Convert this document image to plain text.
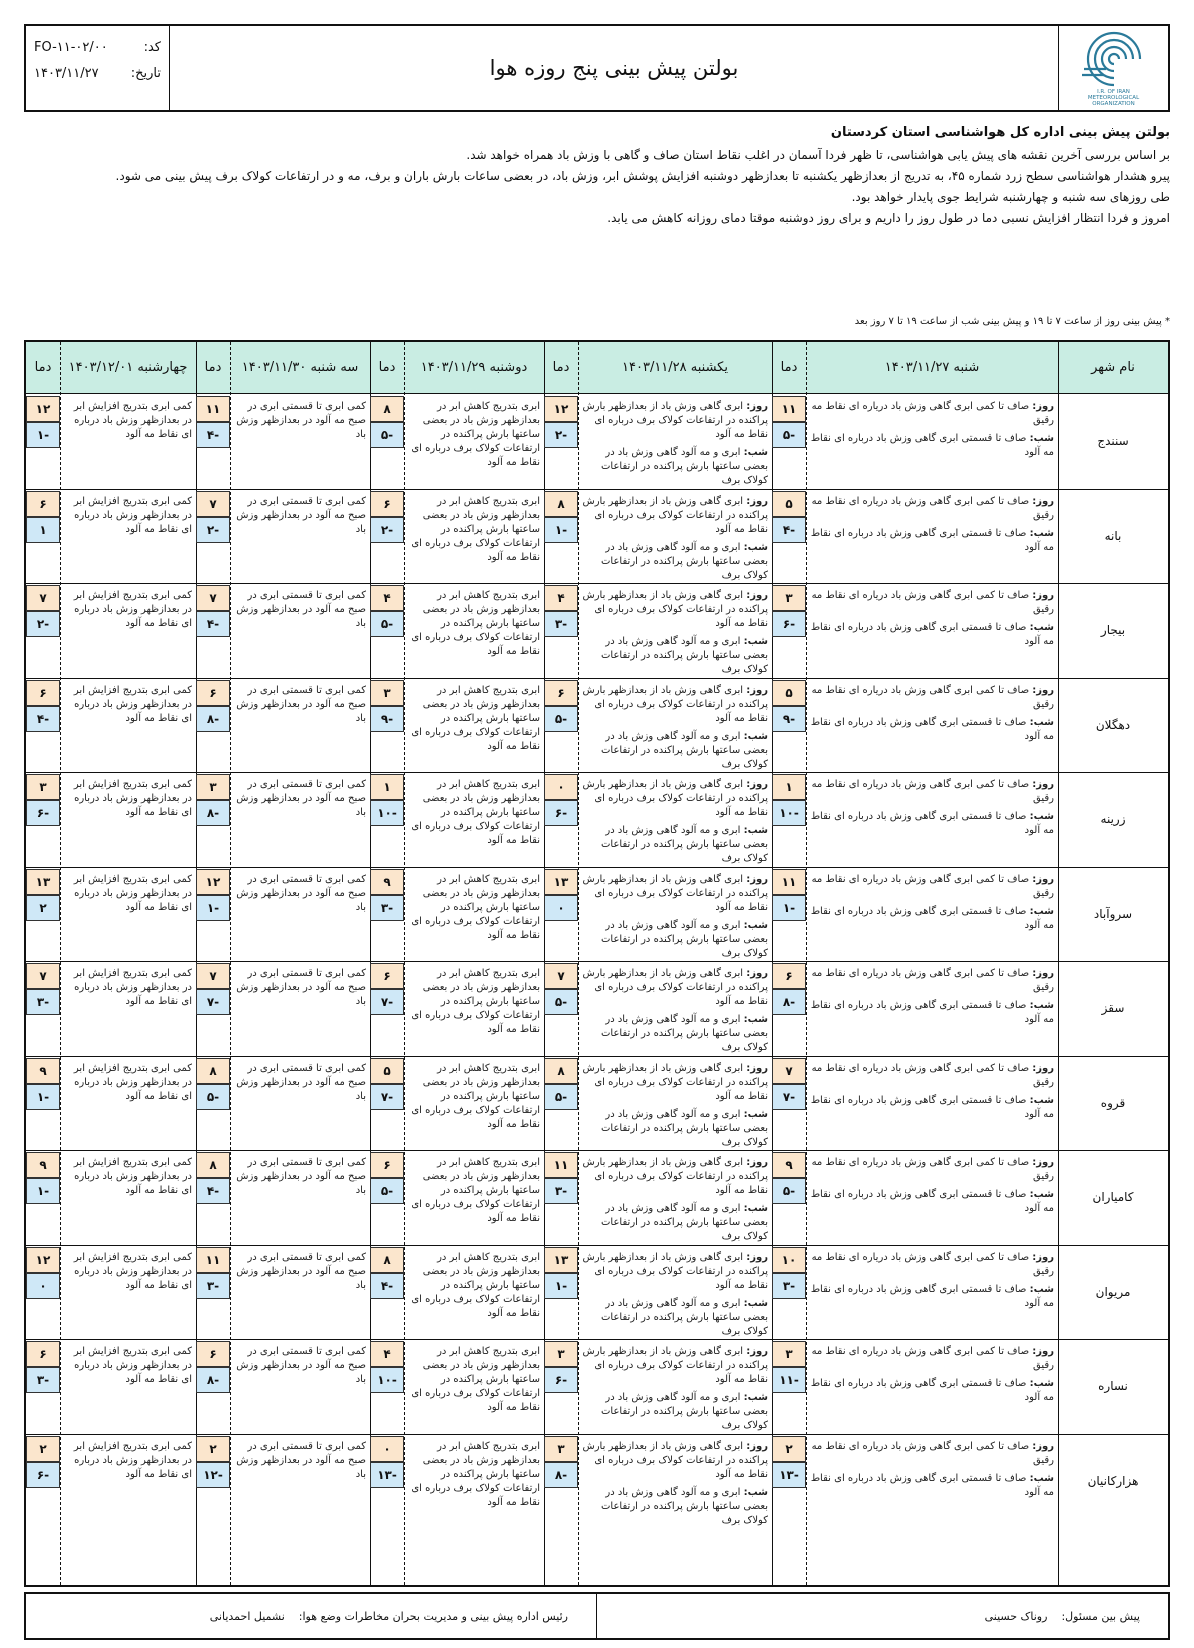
کد:
FO-۱۱-۰۲/۰۰
تاریخ:
۱۴۰۳/۱۱/۲۷	بولتن پیش بینی پنج روزه هوا
I.R. OF IRAN
METEOROLOGICAL
ORGANIZATION
بولتن پیش بینی اداره کل هواشناسی استان کردستان
بر اساس بررسی آخرین نقشه های پیش یابی هواشناسی، تا ظهر فردا آسمان در اغلب نقاط استان صاف و گاهی با وزش باد همراه خواهد شد.
پیرو هشدار هواشناسی سطح زرد شماره ۴۵، به تدریج از بعدازظهر یکشنبه تا بعدازظهر دوشنبه افزایش پوشش ابر، وزش باد، در بعضی ساعات بارش باران و برف، مه و در ارتفاعات کولاک برف پیش بینی می شود.
طی روزهای سه شنبه و چهارشنبه شرایط جوی پایدار خواهد بود.
امروز و فردا انتظار افزایش نسبی دما در طول روز را داریم و برای روز دوشنبه موقتا دمای روزانه کاهش می یابد.
* پیش بینی روز از ساعت ۷ تا ۱۹ و پیش بینی شب از ساعت ۱۹ تا ۷ روز بعد
نام شهر
شنبه ۱۴۰۳/۱۱/۲۷
دما
یکشنبه ۱۴۰۳/۱۱/۲۸
دما
دوشنبه ۱۴۰۳/۱۱/۲۹
دما
سه شنبه ۱۴۰۳/۱۱/۳۰
دما
چهارشنبه ۱۴۰۳/۱۲/۰۱
دما
سنندج
روز: صاف تا کمی ابری گاهی وزش باد دریاره ای نقاط مه رقیق
شب: صاف تا قسمتی ابری گاهی وزش باد درباره ای نقاط مه آلود
۱۱
-۵
روز: ابری گاهی وزش باد از بعدازظهر بارش پراکنده در ارتفاعات کولاک برف درباره ای نقاط مه آلود
شب: ابری و مه آلود گاهی وزش باد در بعضی ساعتها بارش پراکنده در ارتفاعات کولاک برف
۱۲
-۲
ابری بتدریج کاهش ابر در بعدازظهر وزش باد در بعضی ساعتها بارش پراکنده در ارتفاعات کولاک برف درباره ای نقاط مه آلود
۸
-۵
کمی ابری تا قسمتی ابری در صبح مه آلود در بعدازظهر وزش باد
۱۱
-۴
کمی ابری بتدریج افزایش ابر در بعدازظهر وزش باد درباره ای نقاط مه آلود
۱۲
-۱
بانه
روز: صاف تا کمی ابری گاهی وزش باد دریاره ای نقاط مه رقیق
شب: صاف تا قسمتی ابری گاهی وزش باد درباره ای نقاط مه آلود
۵
-۴
روز: ابری گاهی وزش باد از بعدازظهر بارش پراکنده در ارتفاعات کولاک برف درباره ای نقاط مه آلود
شب: ابری و مه آلود گاهی وزش باد در بعضی ساعتها بارش پراکنده در ارتفاعات کولاک برف
۸
-۱
ابری بتدریج کاهش ابر در بعدازظهر وزش باد در بعضی ساعتها بارش پراکنده در ارتفاعات کولاک برف درباره ای نقاط مه آلود
۶
-۲
کمی ابری تا قسمتی ابری در صبح مه آلود در بعدازظهر وزش باد
۷
-۲
کمی ابری بتدریج افزایش ابر در بعدازظهر وزش باد درباره ای نقاط مه آلود
۶
۱
بیجار
روز: صاف تا کمی ابری گاهی وزش باد دریاره ای نقاط مه رقیق
شب: صاف تا قسمتی ابری گاهی وزش باد درباره ای نقاط مه آلود
۳
-۶
روز: ابری گاهی وزش باد از بعدازظهر بارش پراکنده در ارتفاعات کولاک برف درباره ای نقاط مه آلود
شب: ابری و مه آلود گاهی وزش باد در بعضی ساعتها بارش پراکنده در ارتفاعات کولاک برف
۴
-۳
ابری بتدریج کاهش ابر در بعدازظهر وزش باد در بعضی ساعتها بارش پراکنده در ارتفاعات کولاک برف درباره ای نقاط مه آلود
۴
-۵
کمی ابری تا قسمتی ابری در صبح مه آلود در بعدازظهر وزش باد
۷
-۴
کمی ابری بتدریج افزایش ابر در بعدازظهر وزش باد درباره ای نقاط مه آلود
۷
-۲
دهگلان
روز: صاف تا کمی ابری گاهی وزش باد دریاره ای نقاط مه رقیق
شب: صاف تا قسمتی ابری گاهی وزش باد درباره ای نقاط مه آلود
۵
-۹
روز: ابری گاهی وزش باد از بعدازظهر بارش پراکنده در ارتفاعات کولاک برف درباره ای نقاط مه آلود
شب: ابری و مه آلود گاهی وزش باد در بعضی ساعتها بارش پراکنده در ارتفاعات کولاک برف
۶
-۵
ابری بتدریج کاهش ابر در بعدازظهر وزش باد در بعضی ساعتها بارش پراکنده در ارتفاعات کولاک برف درباره ای نقاط مه آلود
۳
-۹
کمی ابری تا قسمتی ابری در صبح مه آلود در بعدازظهر وزش باد
۶
-۸
کمی ابری بتدریج افزایش ابر در بعدازظهر وزش باد درباره ای نقاط مه آلود
۶
-۴
زرینه
روز: صاف تا کمی ابری گاهی وزش باد دریاره ای نقاط مه رقیق
شب: صاف تا قسمتی ابری گاهی وزش باد درباره ای نقاط مه آلود
۱
-۱۰
روز: ابری گاهی وزش باد از بعدازظهر بارش پراکنده در ارتفاعات کولاک برف درباره ای نقاط مه آلود
شب: ابری و مه آلود گاهی وزش باد در بعضی ساعتها بارش پراکنده در ارتفاعات کولاک برف
۰
-۶
ابری بتدریج کاهش ابر در بعدازظهر وزش باد در بعضی ساعتها بارش پراکنده در ارتفاعات کولاک برف درباره ای نقاط مه آلود
۱
-۱۰
کمی ابری تا قسمتی ابری در صبح مه آلود در بعدازظهر وزش باد
۳
-۸
کمی ابری بتدریج افزایش ابر در بعدازظهر وزش باد درباره ای نقاط مه آلود
۳
-۶
سروآباد
روز: صاف تا کمی ابری گاهی وزش باد دریاره ای نقاط مه رقیق
شب: صاف تا قسمتی ابری گاهی وزش باد درباره ای نقاط مه آلود
۱۱
-۱
روز: ابری گاهی وزش باد از بعدازظهر بارش پراکنده در ارتفاعات کولاک برف درباره ای نقاط مه آلود
شب: ابری و مه آلود گاهی وزش باد در بعضی ساعتها بارش پراکنده در ارتفاعات کولاک برف
۱۳
۰
ابری بتدریج کاهش ابر در بعدازظهر وزش باد در بعضی ساعتها بارش پراکنده در ارتفاعات کولاک برف درباره ای نقاط مه آلود
۹
-۳
کمی ابری تا قسمتی ابری در صبح مه آلود در بعدازظهر وزش باد
۱۲
-۱
کمی ابری بتدریج افزایش ابر در بعدازظهر وزش باد درباره ای نقاط مه آلود
۱۳
۲
سقز
روز: صاف تا کمی ابری گاهی وزش باد دریاره ای نقاط مه رقیق
شب: صاف تا قسمتی ابری گاهی وزش باد درباره ای نقاط مه آلود
۶
-۸
روز: ابری گاهی وزش باد از بعدازظهر بارش پراکنده در ارتفاعات کولاک برف درباره ای نقاط مه آلود
شب: ابری و مه آلود گاهی وزش باد در بعضی ساعتها بارش پراکنده در ارتفاعات کولاک برف
۷
-۵
ابری بتدریج کاهش ابر در بعدازظهر وزش باد در بعضی ساعتها بارش پراکنده در ارتفاعات کولاک برف درباره ای نقاط مه آلود
۶
-۷
کمی ابری تا قسمتی ابری در صبح مه آلود در بعدازظهر وزش باد
۷
-۷
کمی ابری بتدریج افزایش ابر در بعدازظهر وزش باد درباره ای نقاط مه آلود
۷
-۳
قروه
روز: صاف تا کمی ابری گاهی وزش باد دریاره ای نقاط مه رقیق
شب: صاف تا قسمتی ابری گاهی وزش باد درباره ای نقاط مه آلود
۷
-۷
روز: ابری گاهی وزش باد از بعدازظهر بارش پراکنده در ارتفاعات کولاک برف درباره ای نقاط مه آلود
شب: ابری و مه آلود گاهی وزش باد در بعضی ساعتها بارش پراکنده در ارتفاعات کولاک برف
۸
-۵
ابری بتدریج کاهش ابر در بعدازظهر وزش باد در بعضی ساعتها بارش پراکنده در ارتفاعات کولاک برف درباره ای نقاط مه آلود
۵
-۷
کمی ابری تا قسمتی ابری در صبح مه آلود در بعدازظهر وزش باد
۸
-۵
کمی ابری بتدریج افزایش ابر در بعدازظهر وزش باد درباره ای نقاط مه آلود
۹
-۱
کامیاران
روز: صاف تا کمی ابری گاهی وزش باد دریاره ای نقاط مه رقیق
شب: صاف تا قسمتی ابری گاهی وزش باد درباره ای نقاط مه آلود
۹
-۵
روز: ابری گاهی وزش باد از بعدازظهر بارش پراکنده در ارتفاعات کولاک برف درباره ای نقاط مه آلود
شب: ابری و مه آلود گاهی وزش باد در بعضی ساعتها بارش پراکنده در ارتفاعات کولاک برف
۱۱
-۳
ابری بتدریج کاهش ابر در بعدازظهر وزش باد در بعضی ساعتها بارش پراکنده در ارتفاعات کولاک برف درباره ای نقاط مه آلود
۶
-۵
کمی ابری تا قسمتی ابری در صبح مه آلود در بعدازظهر وزش باد
۸
-۴
کمی ابری بتدریج افزایش ابر در بعدازظهر وزش باد درباره ای نقاط مه آلود
۹
-۱
مریوان
روز: صاف تا کمی ابری گاهی وزش باد دریاره ای نقاط مه رقیق
شب: صاف تا قسمتی ابری گاهی وزش باد درباره ای نقاط مه آلود
۱۰
-۳
روز: ابری گاهی وزش باد از بعدازظهر بارش پراکنده در ارتفاعات کولاک برف درباره ای نقاط مه آلود
شب: ابری و مه آلود گاهی وزش باد در بعضی ساعتها بارش پراکنده در ارتفاعات کولاک برف
۱۳
-۱
ابری بتدریج کاهش ابر در بعدازظهر وزش باد در بعضی ساعتها بارش پراکنده در ارتفاعات کولاک برف درباره ای نقاط مه آلود
۸
-۴
کمی ابری تا قسمتی ابری در صبح مه آلود در بعدازظهر وزش باد
۱۱
-۳
کمی ابری بتدریج افزایش ابر در بعدازظهر وزش باد درباره ای نقاط مه آلود
۱۲
۰
نساره
روز: صاف تا کمی ابری گاهی وزش باد دریاره ای نقاط مه رقیق
شب: صاف تا قسمتی ابری گاهی وزش باد درباره ای نقاط مه آلود
۳
-۱۱
روز: ابری گاهی وزش باد از بعدازظهر بارش پراکنده در ارتفاعات کولاک برف درباره ای نقاط مه آلود
شب: ابری و مه آلود گاهی وزش باد در بعضی ساعتها بارش پراکنده در ارتفاعات کولاک برف
۳
-۶
ابری بتدریج کاهش ابر در بعدازظهر وزش باد در بعضی ساعتها بارش پراکنده در ارتفاعات کولاک برف درباره ای نقاط مه آلود
۴
-۱۰
کمی ابری تا قسمتی ابری در صبح مه آلود در بعدازظهر وزش باد
۶
-۸
کمی ابری بتدریج افزایش ابر در بعدازظهر وزش باد درباره ای نقاط مه آلود
۶
-۳
هزارکانیان
روز: صاف تا کمی ابری گاهی وزش باد دریاره ای نقاط مه رقیق
شب: صاف تا قسمتی ابری گاهی وزش باد درباره ای نقاط مه آلود
۲
-۱۳
روز: ابری گاهی وزش باد از بعدازظهر بارش پراکنده در ارتفاعات کولاک برف درباره ای نقاط مه آلود
شب: ابری و مه آلود گاهی وزش باد در بعضی ساعتها بارش پراکنده در ارتفاعات کولاک برف
۳
-۸
ابری بتدریج کاهش ابر در بعدازظهر وزش باد در بعضی ساعتها بارش پراکنده در ارتفاعات کولاک برف درباره ای نقاط مه آلود
۰
-۱۳
کمی ابری تا قسمتی ابری در صبح مه آلود در بعدازظهر وزش باد
۲
-۱۲
کمی ابری بتدریج افزایش ابر در بعدازظهر وزش باد درباره ای نقاط مه آلود
۲
-۶
پیش بین مسئول:
روناک حسینی
رئیس اداره پیش بینی و مدیریت بحران مخاطرات وضع هوا:
نشمیل احمدیانی
